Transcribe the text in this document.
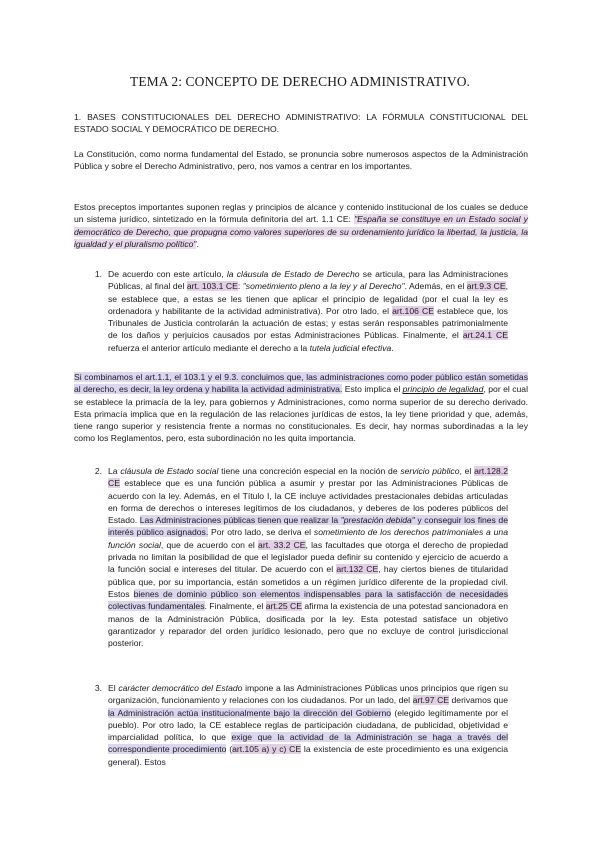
TEMA 2: CONCEPTO DE DERECHO ADMINISTRATIVO.
1. BASES CONSTITUCIONALES DEL DERECHO ADMINISTRATIVO: LA FÓRMULA CONSTITUCIONAL DEL ESTADO SOCIAL Y DEMOCRÁTICO DE DERECHO.
La Constitución, como norma fundamental del Estado, se pronuncia sobre numerosos aspectos de la Administración Pública y sobre el Derecho Administrativo, pero, nos vamos a centrar en los importantes.
Estos preceptos importantes suponen reglas y principios de alcance y contenido institucional de los cuales se deduce un sistema jurídico, sintetizado en la fórmula definitoria del art. 1.1 CE: "España se constituye en un Estado social y democrático de Derecho, que propugna como valores superiores de su ordenamiento jurídico la libertad, la justicia, la igualdad y el pluralismo político".
1. De acuerdo con este artículo, la cláusula de Estado de Derecho se articula, para las Administraciones Públicas, al final del art. 103.1 CE: "sometimiento pleno a la ley y al Derecho". Además, en el art.9.3 CE, se establece que, a estas se les tienen que aplicar el principio de legalidad (por el cual la ley es ordenadora y habilitante de la actividad administrativa). Por otro lado, el art.106 CE establece que, los Tribunales de Justicia controlarán la actuación de estas; y estas serán responsables patrimonialmente de los daños y perjuicios causados por estas Administraciones Públicas. Finalmente, el art.24.1 CE refuerza el anterior artículo mediante el derecho a la tutela judicial efectiva.
Si combinamos el art.1.1, el 103.1 y el 9.3. concluimos que, las administraciones como poder público están sometidas al derecho, es decir, la ley ordena y habilita la actividad administrativa. Esto implica el principio de legalidad, por el cual se establece la primacía de la ley, para gobiernos y Administraciones, como norma superior de su derecho derivado. Esta primacía implica que en la regulación de las relaciones jurídicas de estos, la ley tiene prioridad y que, además, tiene rango superior y resistencia frente a normas no constitucionales. Es decir, hay normas subordinadas a la ley como los Reglamentos, pero, esta subordinación no les quita importancia.
2. La cláusula de Estado social tiene una concreción especial en la noción de servicio público, el art.128.2 CE establece que es una función pública a asumir y prestar por las Administraciones Públicas de acuerdo con la ley. Además, en el Título I, la CE incluye actividades prestacionales debidas articuladas en forma de derechos o intereses legítimos de los ciudadanos, y deberes de los poderes públicos del Estado. Las Administraciones públicas tienen que realizar la "prestación debida" y conseguir los fines de interés público asignados. Por otro lado, se deriva el sometimiento de los derechos patrimoniales a una función social, que de acuerdo con el art. 33.2 CE, las facultades que otorga el derecho de propiedad privada no limitan la posibilidad de que el legislador pueda definir su contenido y ejercicio de acuerdo a la función social e intereses del titular. De acuerdo con el art.132 CE, hay ciertos bienes de titularidad pública que, por su importancia, están sometidos a un régimen jurídico diferente de la propiedad civil. Estos bienes de dominio público son elementos indispensables para la satisfacción de necesidades colectivas fundamentales. Finalmente, el art.25 CE afirma la existencia de una potestad sancionadora en manos de la Administración Pública, dosificada por la ley. Esta potestad satisface un objetivo garantizador y reparador del orden jurídico lesionado, pero que no excluye de control jurisdiccional posterior.
3. El carácter democrático del Estado impone a las Administraciones Públicas unos principios que rigen su organización, funcionamiento y relaciones con los ciudadanos. Por un lado, del art.97 CE derivamos que la Administración actúa institucionalmente bajo la dirección del Gobierno (elegido legítimamente por el pueblo). Por otro lado, la CE establece reglas de participación ciudadana, de publicidad, objetividad e imparcialidad política, lo que exige que la actividad de la Administración se haga a través del correspondiente procedimiento (art.105 a) y c) CE la existencia de este procedimiento es una exigencia general). Estos
